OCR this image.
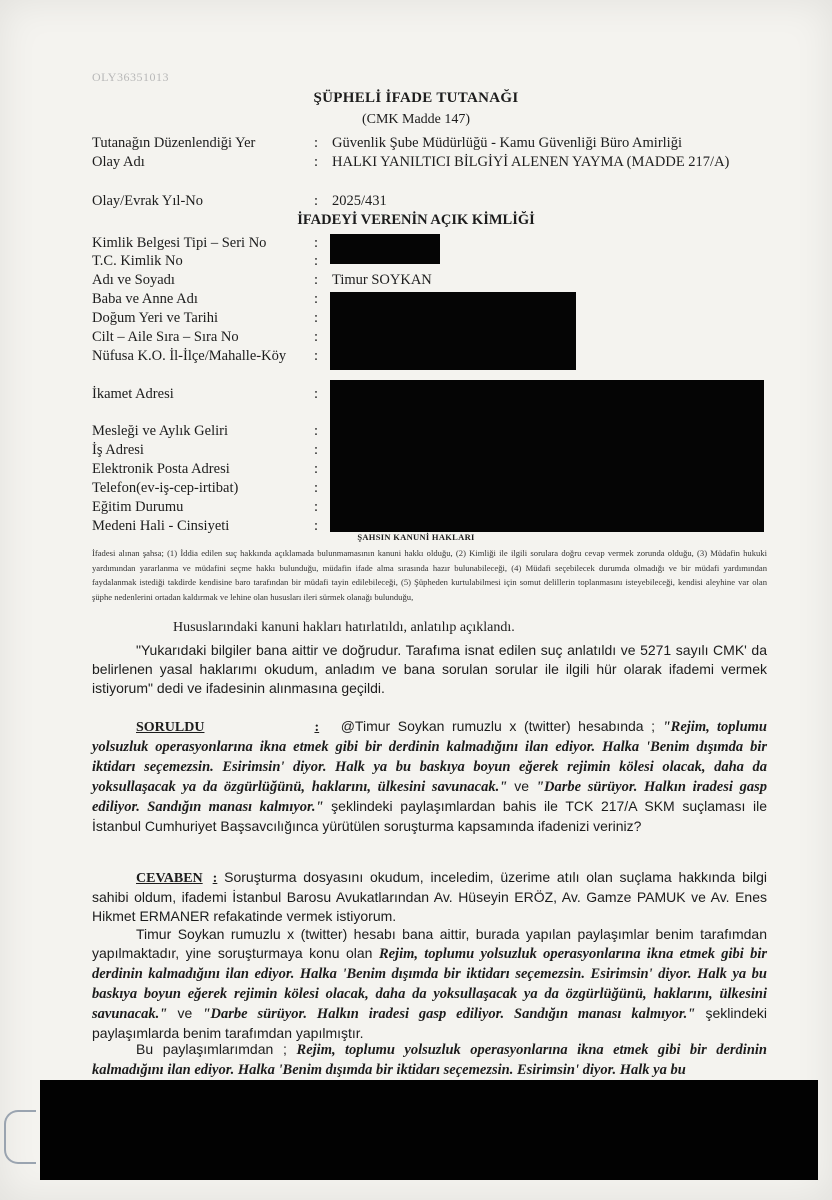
OLY36351013
ŞÜPHELİ İFADE TUTANAĞI
(CMK Madde 147)
Tutanağın Düzenlendiği Yer	: Güvenlik Şube Müdürlüğü - Kamu Güvenliği Büro Amirliği
Olay Adı	: HALKI YANILTICI BİLGİYİ ALENEN YAYMA (MADDE 217/A)
Olay/Evrak Yıl-No	: 2025/431
İFADEYİ VERENİN AÇIK KİMLİĞİ
Kimlik Belgesi Tipi – Seri No	:
T.C. Kimlik No	:
Adı ve Soyadı	: Timur SOYKAN
Baba ve Anne Adı	:
Doğum Yeri ve Tarihi	:
Cilt – Aile Sıra – Sıra No	:
Nüfusa K.O. İl-İlçe/Mahalle-Köy	:
İkamet Adresi	:
Mesleği ve Aylık Geliri	:
İş Adresi	:
Elektronik Posta Adresi	:
Telefon(ev-iş-cep-irtibat)	:
Eğitim Durumu	:
Medeni Hali - Cinsiyeti	:
ŞAHSIN KANUNİ HAKLARI
İfadesi alınan şahsa; (1) İddia edilen suç hakkında açıklamada bulunmamasının kanuni hakkı olduğu, (2) Kimliği ile ilgili sorulara doğru cevap vermek zorunda olduğu, (3) Müdafin hukuki yardımından yararlanma ve müdafini seçme hakkı bulunduğu, müdafin ifade alma sırasında hazır bulunabileceği, (4) Müdafi seçebilecek durumda olmadığı ve bir müdafi yardımından faydalanmak istediği takdirde kendisine baro tarafından bir müdafi tayin edilebileceği, (5) Şüpheden kurtulabilmesi için somut delillerin toplanmasını isteyebileceği, kendisi aleyhine var olan şüphe nedenlerini ortadan kaldırmak ve lehine olan hususları ileri sürmek olanağı bulunduğu,
Hususlarındaki kanuni hakları hatırlatıldı, anlatılıp açıklandı.
"Yukarıdaki bilgiler bana aittir ve doğrudur. Tarafıma isnat edilen suç anlatıldı ve 5271 sayılı CMK' da belirlenen yasal haklarımı okudum, anladım ve bana sorulan sorular ile ilgili hür olarak ifademi vermek istiyorum" dedi ve ifadesinin alınmasına geçildi.
SORULDU	: @Timur Soykan rumuzlu x (twitter) hesabında ; "Rejim, toplumu yolsuzluk operasyonlarına ikna etmek gibi bir derdinin kalmadığını ilan ediyor. Halka 'Benim dışımda bir iktidarı seçemezsin. Esirimsin' diyor. Halk ya bu baskıya boyun eğerek rejimin kölesi olacak, daha da yoksullaşacak ya da özgürlüğünü, haklarını, ülkesini savunacak." ve "Darbe sürüyor. Halkın iradesi gasp ediliyor. Sandığın manası kalmıyor." şeklindeki paylaşımlardan bahis ile TCK 217/A SKM suçlaması ile İstanbul Cumhuriyet Başsavcılığınca yürütülen soruşturma kapsamında ifadenizi veriniz?
CEVABEN : Soruşturma dosyasını okudum, inceledim, üzerime atılı olan suçlama hakkında bilgi sahibi oldum, ifademi İstanbul Barosu Avukatlarından Av. Hüseyin ERÖZ, Av. Gamze PAMUK ve Av. Enes Hikmet ERMANER refakatinde vermek istiyorum.
Timur Soykan rumuzlu x (twitter) hesabı bana aittir, burada yapılan paylaşımlar benim tarafımdan yapılmaktadır, yine soruşturmaya konu olan Rejim, toplumu yolsuzluk operasyonlarına ikna etmek gibi bir derdinin kalmadığını ilan ediyor. Halka 'Benim dışımda bir iktidarı seçemezsin. Esirimsin' diyor. Halk ya bu baskıya boyun eğerek rejimin kölesi olacak, daha da yoksullaşacak ya da özgürlüğünü, haklarını, ülkesini savunacak." ve "Darbe sürüyor. Halkın iradesi gasp ediliyor. Sandığın manası kalmıyor." şeklindeki paylaşımlarda benim tarafımdan yapılmıştır.
Bu paylaşımlarımdan ; Rejim, toplumu yolsuzluk operasyonlarına ikna etmek gibi bir derdinin kalmadığını ilan ediyor. Halka 'Benim dışımda bir iktidarı seçemezsin. Esirimsin' diyor. Halk ya bu
